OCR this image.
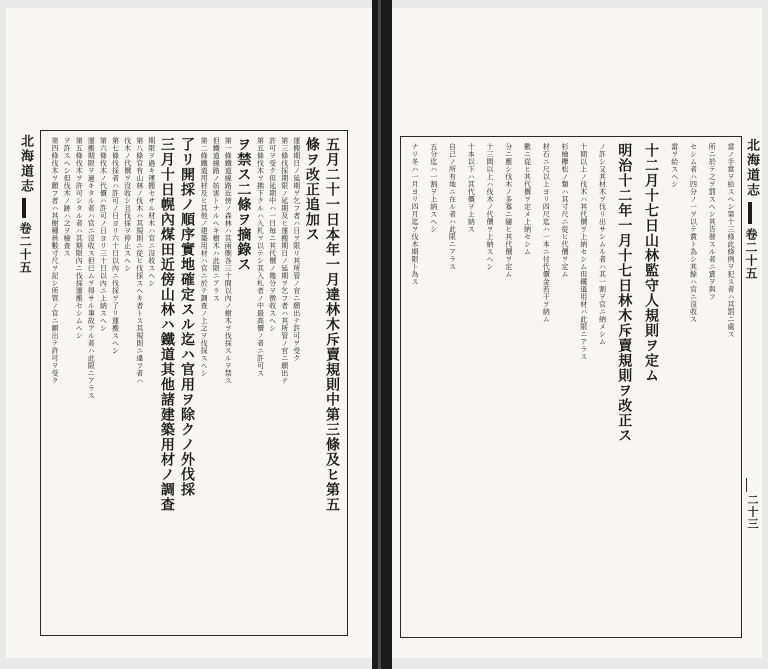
北海道志
卷二十五	五月二十一日本年一月達林木斥賣規則中第三條及ヒ第五
條ヲ改正追加ス
運搬期日ノ延期ヲ乞フ者ハ日ヲ限リ其所管ノ官ニ願出テ許可ヲ受ク
第三條伐採期限ノ延期及ヒ運搬期日ノ延期ヲ乞フ者ハ其所管ノ官ニ願出テ
許可ヲ受ク但延期中ハ一日毎ニ其代價ノ幾分ヲ徴收スヘシ
第五條伐木ヲ拂下クルハ入札ヲ以テシ其入札者ノ中最高價ノ者ニ許可ス
ヲ禁ス二條ヲ摘錄ス
第一條鐵道線路近傍ノ森林ハ其兩側各三十間以內ノ樹木ヲ伐採スルヲ禁ス
但鐵道線路ノ妨害トナルヘキ樹木ハ此限ニアラス
第二條鐵道用材及ヒ其他ノ建築用材ハ官ニ於テ調查ノ上之ヲ伐採スヘシ
了リ開採ノ順序實地確定スル迄ハ官用ヲ除クノ外伐採
三月十日幌內煤田近傍山林ハ鐵道其他諸建築用材ノ調查
期限ヲ過キ運搬セサル材木ハ官ニ沒收スヘシ
第八條官有山林ノ伐木ハ其規則ニ從ヒ伐採スヘキ者トス其規則ニ違フ者ハ
伐木ノ代價ヲ沒收シ且伐採ヲ停止スヘシ
第七條伐採者ハ許可ノ日ヨリ六十日以內ニ伐採ヲ了リ運搬スヘシ
第六條伐木ノ代價ハ許可ノ日ヨリ三十日以內ニ上納スヘシ
運搬期限ヲ過キタル者ハ官ニ沒收ス但已ムヲ得サル事故アル者ハ此限ニアラス
第五條伐木ヲ許可シタル者ハ其期限內ニ伐採運搬セシムヘシ
ヲ許スヘシ但伐木ノ跡ハ之ヲ檢查ス
第四條伐木ヲ願フ者ハ其樹種員數寸尺ヲ記シ所管ノ官ニ願出テ許可ヲ受ク	當ノ手當ヲ給スヘシ第十三條此條例ヲ犯ス者ハ其罰ニ處ス
所ニ於テ之ヲ罰スヘシ其告發スル者ニ賞ヲ與フ
セシム者ハ四分ノ一ヲ以テ賞ト為シ其餘ハ官ニ沒收ス
當ヲ給スヘシ
十二月十七日山林監守人規則ヲ定ム
明治十二年一月十七日林木斥賣規則ヲ改正ス
ノ許シ又其材木ヲ伐リ出サシムル者ハ其一割ヲ官ニ納メシム
十間以上ノ伐木ハ其代價ヲ上納セシム但鐵道用材ハ此限ニアラス
杉檜欅松ノ類ハ其寸尺ニ從ヒ代價ヲ定ム
材石ニ尺以上ヨリ四尺迄ハ一本ニ付代價金若干ヲ納ム
數ニ從ヒ其代價ヲ定メ上納セシム
分ニ應シ伐木ノ多寡ニ隨ヒ其代價ヲ定ム
十三間以上ハ伐木ノ代價ヲ上納スヘシ
十本以下ハ其代價ヲ上納ス
自己ノ所有地ニ在ル者ハ此限ニアラス
五分迄ハ一割ヲ上納スヘシ
ナリ冬ハ一月ヨリ四月迄ヲ伐木期限ト為ス	北海道志
卷二十五
二十三
